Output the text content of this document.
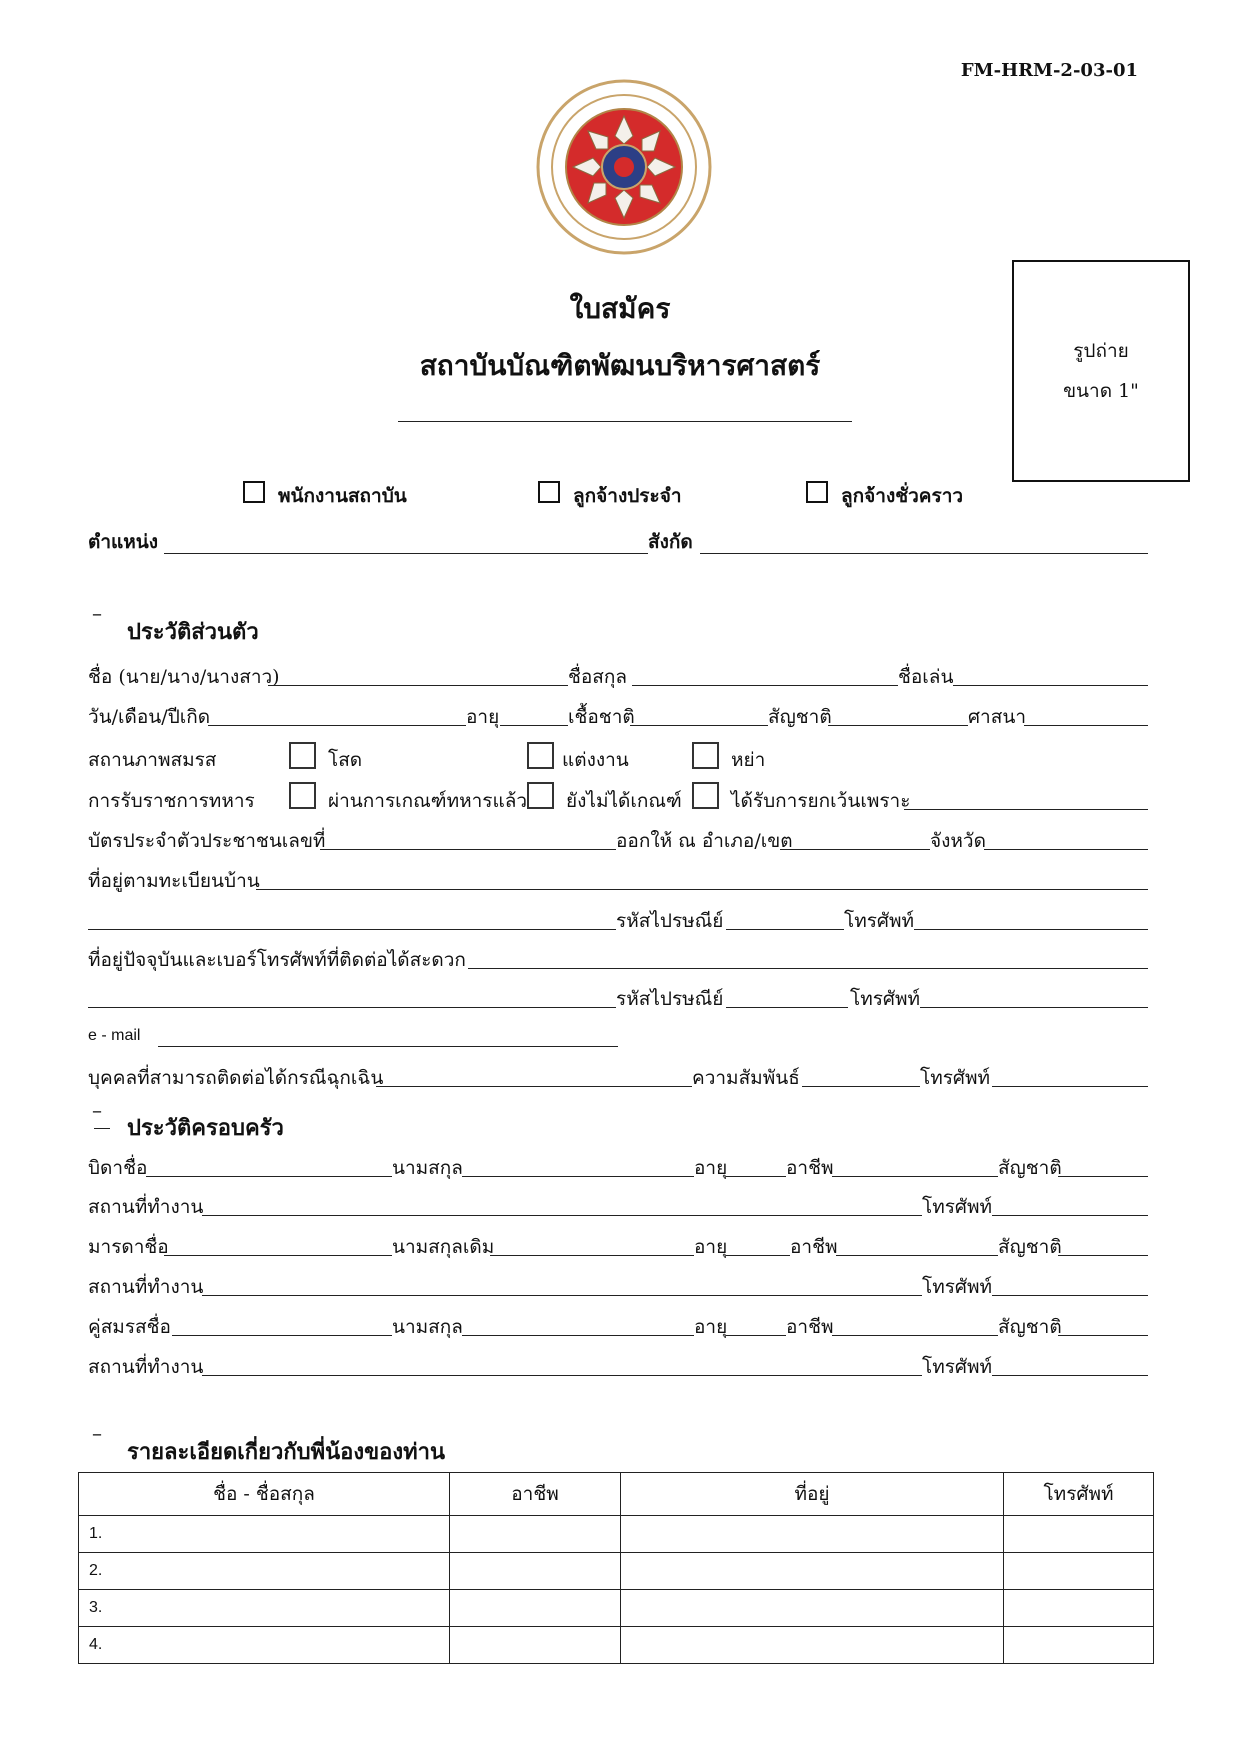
FM-HRM-2-03-01
ใบสมัคร
สถาบันบัณฑิตพัฒนบริหารศาสตร์	รูปถ่าย
ขนาด 1"
พนักงานสถาบัน	ลูกจ้างประจำ	ลูกจ้างชั่วคราว
ตำแหน่ง	สังกัด
–
ประวัติส่วนตัว
ชื่อ (นาย/นาง/นางสาว)	ชื่อสกุล	ชื่อเล่น
วัน/เดือน/ปีเกิด	อายุ	เชื้อชาติ	สัญชาติ	ศาสนา
สถานภาพสมรส	โสด	แต่งงาน	หย่า
การรับราชการทหาร	ผ่านการเกณฑ์ทหารแล้ว ยังไม่ได้เกณฑ์	ได้รับการยกเว้นเพราะ
บัตรประจำตัวประชาชนเลขที่	ออกให้ ณ อำเภอ/เขต	จังหวัด
ที่อยู่ตามทะเบียนบ้าน
รหัสไปรษณีย์	โทรศัพท์
ที่อยู่ปัจจุบันและเบอร์โทรศัพท์ที่ติดต่อได้สะดวก
รหัสไปรษณีย์	โทรศัพท์
e - mail
บุคคลที่สามารถติดต่อได้กรณีฉุกเฉิน	ความสัมพันธ์	โทรศัพท์
–
ประวัติครอบครัว
บิดาชื่อ	นามสกุล	อายุ	อาชีพ	สัญชาติ
สถานที่ทำงาน	โทรศัพท์
มารดาชื่อ	นามสกุลเดิม	อายุ	อาชีพ	สัญชาติ
สถานที่ทำงาน	โทรศัพท์
คู่สมรสชื่อ	นามสกุล	อายุ	อาชีพ	สัญชาติ
สถานที่ทำงาน	โทรศัพท์
–
รายละเอียดเกี่ยวกับพี่น้องของท่าน
ชื่อ - ชื่อสกุล	อาชีพ	ที่อยู่	โทรศัพท์
1.			
2.			
3.			
4.			
